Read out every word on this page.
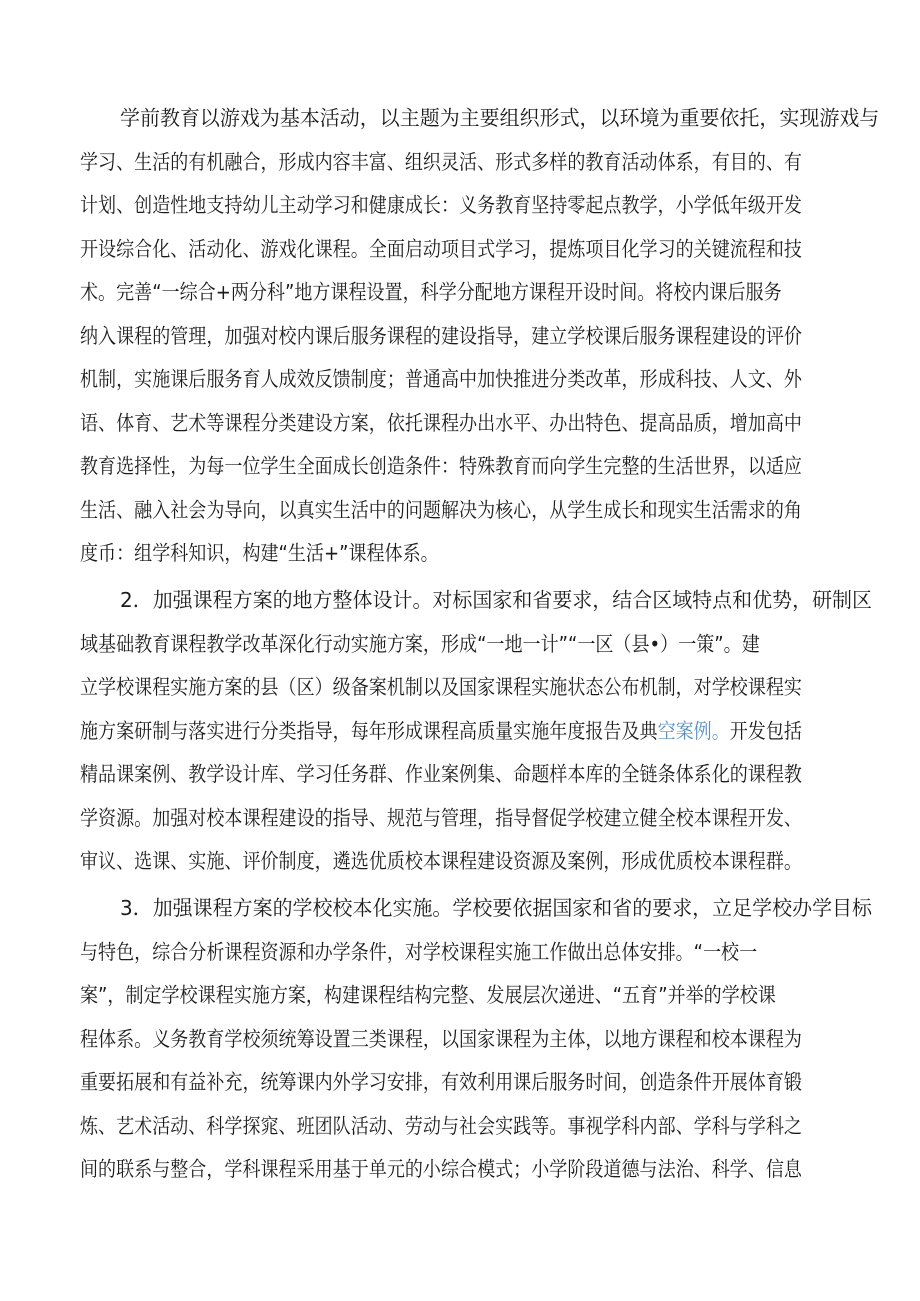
学前教育以游戏为基本活动，以主题为主要组织形式，以环境为重要依托，实现游戏与

学习、生活的有机融合，形成内容丰富、组织灵活、形式多样的教育活动体系，有目的、有

计划、创造性地支持幼儿主动学习和健康成长：义务教育坚持零起点教学，小学低年级开发

开设综合化、活动化、游戏化课程。全面启动项目式学习，提炼项目化学习的关键流程和技

术。完善“一综合+两分科”地方课程设置，科学分配地方课程开设时间。将校内课后服务

纳入课程的管理，加强对校内课后服务课程的建设指导，建立学校课后服务课程建设的评价

机制，实施课后服务育人成效反馈制度；普通高中加快推进分类改革，形成科技、人文、外

语、体育、艺术等课程分类建设方案，依托课程办出水平、办出特色、提高品质，增加高中

教育选择性，为每一位学生全面成长创造条件：特殊教育而向学生完整的生活世界，以适应

生活、融入社会为导向，以真实生活中的问题解决为核心，从学生成长和现实生活需求的角

度币：组学科知识，构建“生活+”课程体系。

2．加强课程方案的地方整体设计。对标国家和省要求，结合区域特点和优势，研制区

域基础教育课程教学改革深化行动实施方案，形成“一地一计”“一区（县•）一策”。建

立学校课程实施方案的县（区）级备案机制以及国家课程实施状态公布机制，对学校课程实

施方案研制与落实进行分类指导，每年形成课程高质量实施年度报告及典空案例。开发包括

精品课案例、教学设计库、学习任务群、作业案例集、命题样本库的全链条体系化的课程教

学资源。加强对校本课程建设的指导、规范与管理，指导督促学校建立健全校本课程开发、

审议、选课、实施、评价制度，遴选优质校本课程建设资源及案例，形成优质校本课程群。

3．加强课程方案的学校校本化实施。学校要依据国家和省的要求，立足学校办学目标

与特色，综合分析课程资源和办学条件，对学校课程实施工作做出总体安排。“一校一

案”，制定学校课程实施方案，构建课程结构完整、发展层次递进、“五育”并举的学校课

程体系。义务教育学校须统筹设置三类课程，以国家课程为主体，以地方课程和校本课程为

重要拓展和有益补充，统筹课内外学习安排，有效利用课后服务时间，创造条件开展体育锻

炼、艺术活动、科学探窕、班团队活动、劳动与社会实践等。事视学科内部、学科与学科之

间的联系与整合，学科课程采用基于单元的小综合模式；小学阶段道德与法治、科学、信息
